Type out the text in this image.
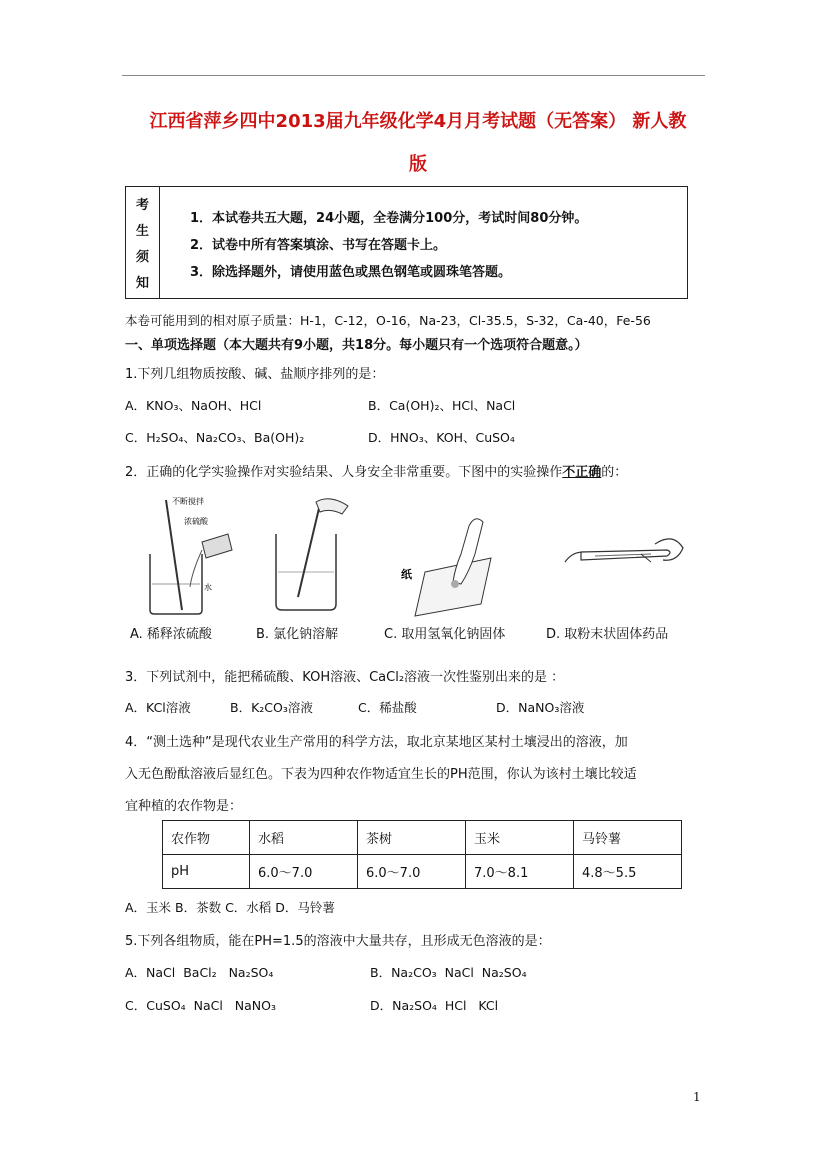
江西省萍乡四中2013届九年级化学4月月考试题（无答案） 新人教
版
考
生
须
知
1．本试卷共五大题，24小题，全卷满分100分，考试时间80分钟。
2．试卷中所有答案填涂、书写在答题卡上。
3．除选择题外，请使用蓝色或黑色钢笔或圆珠笔答题。
本卷可能用到的相对原子质量：H-1，C-12，O-16，Na-23，Cl-35.5，S-32，Ca-40，Fe-56
一、单项选择题（本大题共有9小题，共18分。每小题只有一个选项符合题意。）
1.下列几组物质按酸、碱、盐顺序排列的是：
A．KNO₃、NaOH、HCl	B．Ca(OH)₂、HCl、NaCl
C．H₂SO₄、Na₂CO₃、Ba(OH)₂	D．HNO₃、KOH、CuSO₄
2．正确的化学实验操作对实验结果、人身安全非常重要。下图中的实验操作不正确的：
不断搅拌
浓硫酸
水
纸
A. 稀释浓硫酸	B. 氯化钠溶解	C. 取用氢氧化钠固体	D. 取粉末状固体药品
3．下列试剂中，能把稀硫酸、KOH溶液、CaCl₂溶液一次性鉴别出来的是 ：
A．KCl溶液	B．K₂CO₃溶液	C．稀盐酸	D．NaNO₃溶液
4．“测土选种”是现代农业生产常用的科学方法，取北京某地区某村土壤浸出的溶液，加
入无色酚酞溶液后显红色。下表为四种农作物适宜生长的PH范围，你认为该村土壤比较适
宜种植的农作物是：
农作物	水稻	茶树	玉米	马铃薯
pH	6.0～7.0	6.0～7.0	7.0～8.1	4.8～5.5
A．玉米 B．茶数 C．水稻 D．马铃薯
5.下列各组物质，能在PH=1.5的溶液中大量共存，且形成无色溶液的是：
A．NaCl  BaCl₂   Na₂SO₄	B．Na₂CO₃  NaCl  Na₂SO₄
C．CuSO₄  NaCl   NaNO₃	D．Na₂SO₄  HCl   KCl
1
